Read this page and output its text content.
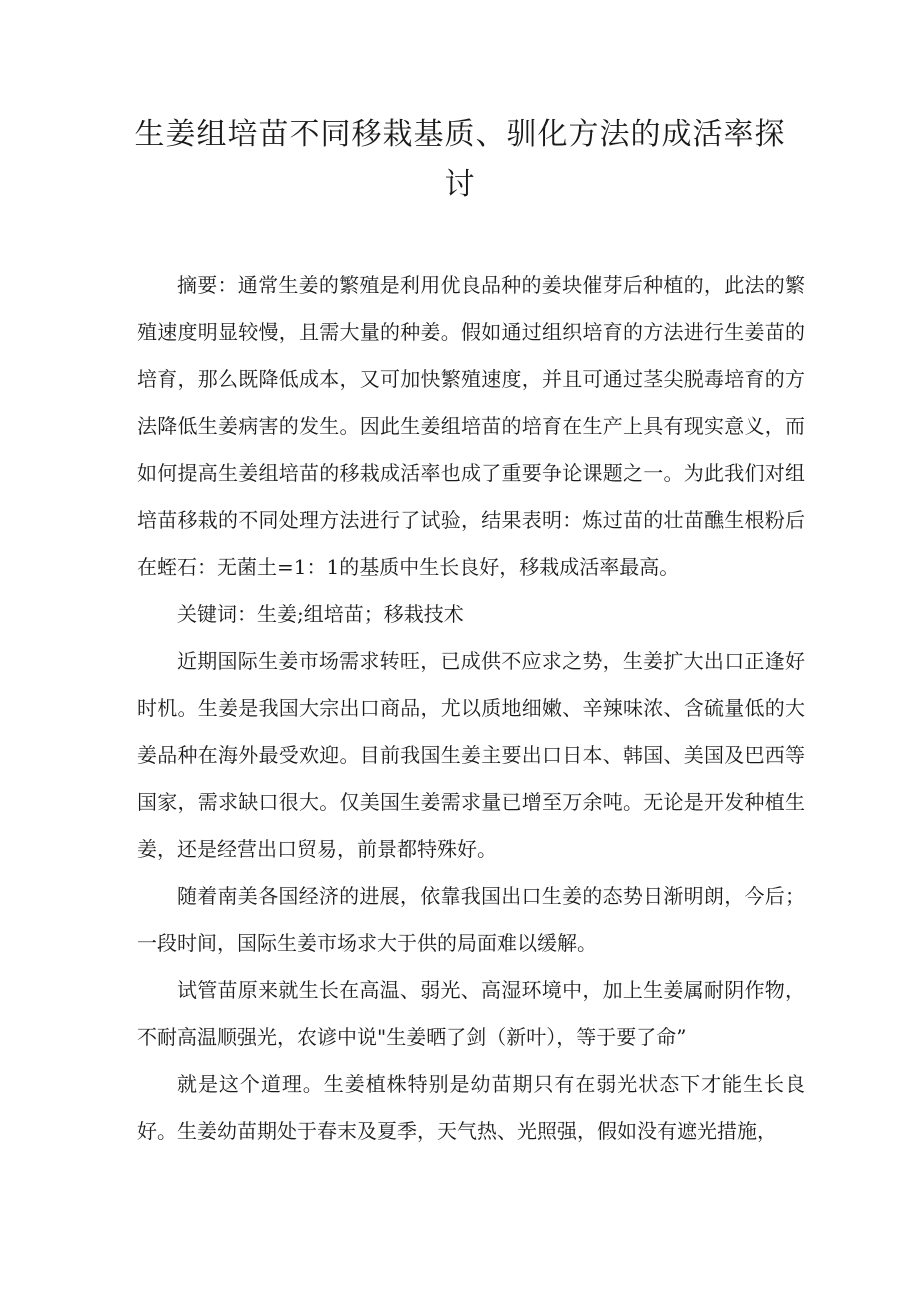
生姜组培苗不同移栽基质、驯化方法的成活率探讨

摘要：通常生姜的繁殖是利用优良品种的姜块催芽后种植的，此法的繁殖速度明显较慢，且需大量的种姜。假如通过组织培育的方法进行生姜苗的培育，那么既降低成本，又可加快繁殖速度，并且可通过茎尖脱毒培育的方法降低生姜病害的发生。因此生姜组培苗的培育在生产上具有现实意义，而如何提高生姜组培苗的移栽成活率也成了重要争论课题之一。为此我们对组培苗移栽的不同处理方法进行了试验，结果表明：炼过苗的壮苗醮生根粉后在蛭石：无菌土=1：1的基质中生长良好，移栽成活率最高。

关键词：生姜;组培苗；移栽技术

近期国际生姜市场需求转旺，已成供不应求之势，生姜扩大出口正逢好时机。生姜是我国大宗出口商品，尤以质地细嫩、辛辣味浓、含硫量低的大姜品种在海外最受欢迎。目前我国生姜主要出口日本、韩国、美国及巴西等国家，需求缺口很大。仅美国生姜需求量已增至万余吨。无论是开发种植生姜，还是经营出口贸易，前景都特殊好。

随着南美各国经济的进展，依靠我国出口生姜的态势日渐明朗，今后；一段时间，国际生姜市场求大于供的局面难以缓解。

试管苗原来就生长在高温、弱光、高湿环境中，加上生姜属耐阴作物，不耐高温顺强光，农谚中说"生姜晒了剑（新叶），等于要了命”

就是这个道理。生姜植株特别是幼苗期只有在弱光状态下才能生长良好。生姜幼苗期处于春末及夏季，天气热、光照强，假如没有遮光措施，
